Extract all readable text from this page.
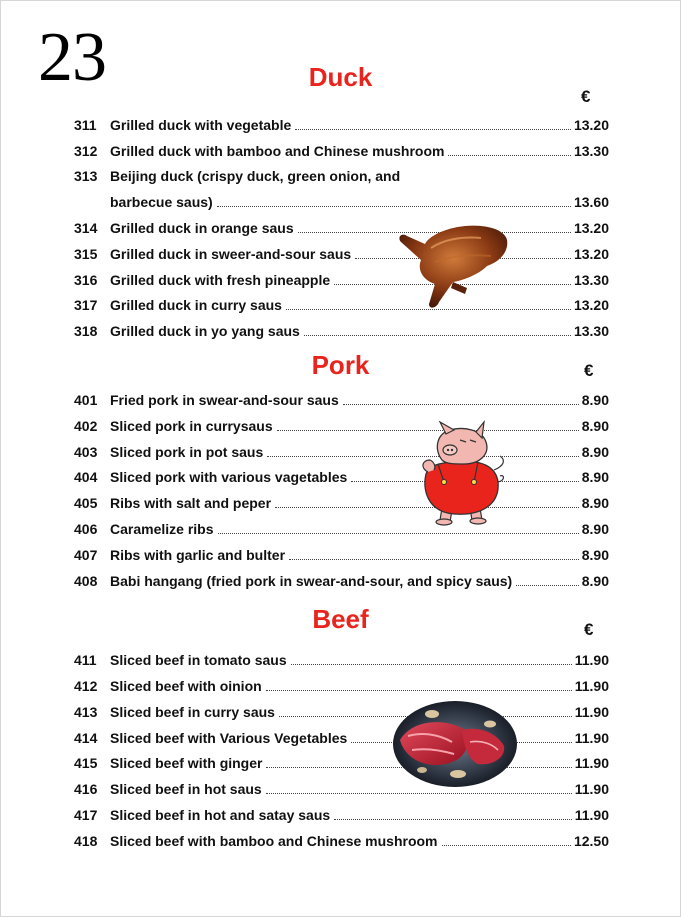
23	Duck
€
311 Grilled duck with vegetable	13.20
312 Grilled duck with bamboo and Chinese mushroom	13.30
313 Beijing duck (crispy duck, green onion, and
barbecue saus)	13.60
314 Grilled duck in orange saus	13.20
315 Grilled duck in sweer-and-sour saus	13.20
316 Grilled duck with fresh pineapple	13.30
317 Grilled duck in curry saus	13.20
318 Grilled duck in yo yang saus	13.30
Pork	€
401 Fried pork in swear-and-sour saus	8.90
402 Sliced pork in currysaus	8.90
403 Sliced pork in pot saus	8.90
404 Sliced pork with various vagetables	8.90
405 Ribs with salt and peper	8.90
406 Caramelize ribs	8.90
407 Ribs with garlic and bulter	8.90
408 Babi hangang (fried pork in swear-and-sour, and spicy saus)	8.90
Beef	€
411 Sliced beef in tomato saus	11.90
412 Sliced beef with oinion	11.90
413 Sliced beef in curry saus	11.90
414 Sliced beef with Various Vegetables	11.90
415 Sliced beef with ginger	11.90
416 Sliced beef in hot saus	11.90
417 Sliced beef in hot and satay saus	11.90
418 Sliced beef with bamboo and Chinese mushroom	12.50
